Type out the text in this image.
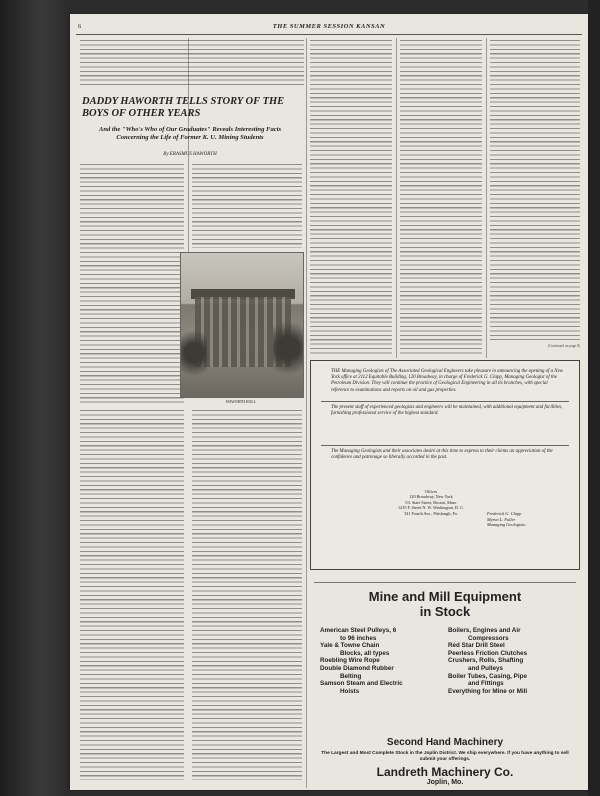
6	THE SUMMER SESSION KANSAN
DADDY HAWORTH TELLS STORY OF THE BOYS OF OTHER YEARS
And the "Who's Who of Our Graduates" Reveals Interesting Facts Concerning the Life of Former K. U. Mining Students
By ERASMUS HAWORTH
HAWORTH HALL
(Continued on page 8)

THE Managing Geologists of The Associated Geological Engineers take pleasure in announcing the opening of a New York office at 2112 Equitable Building, 120 Broadway, in charge of Frederick G. Clapp, Managing Geologist of the Petroleum Division. They will continue the practice of Geological Engineering in all its branches, with special reference to examinations and reports on oil and gas properties.

The present staff of experienced geologists and engineers will be maintained, with additional equipment and facilities, furnishing professional service of the highest standard.

The Managing Geologists and their associates desire at this time to express to their clients an appreciation of the confidence and patronage so liberally accorded in the past.

Offices
120 Broadway, New York
111 State Street, Boston, Mass.
1235 F. Street N. W. Washington, D. C.
341 Fourth Ave., Pittsburgh, Pa.	Frederick G. Clapp
Myron L. Fuller
Managing Geologists.
Mine and Mill Equipment
in Stock
American Steel Pulleys, 6
to 96 inches
Yale & Towne Chain
Blocks, all types
Roebling Wire Rope
Double Diamond Rubber
Belting
Samson Steam and Electric
Hoists
Boilers, Engines and Air
Compressors
Red Star Drill Steel
Peerless Friction Clutches
Crushers, Rolls, Shafting
and Pulleys
Boiler Tubes, Casing, Pipe
and Fittings
Everything for Mine or Mill
Second Hand Machinery
The Largest and Most Complete Stock in the Joplin District. We ship everywhere. If you have anything to sell submit your offerings.
Landreth Machinery Co.
Joplin, Mo.
